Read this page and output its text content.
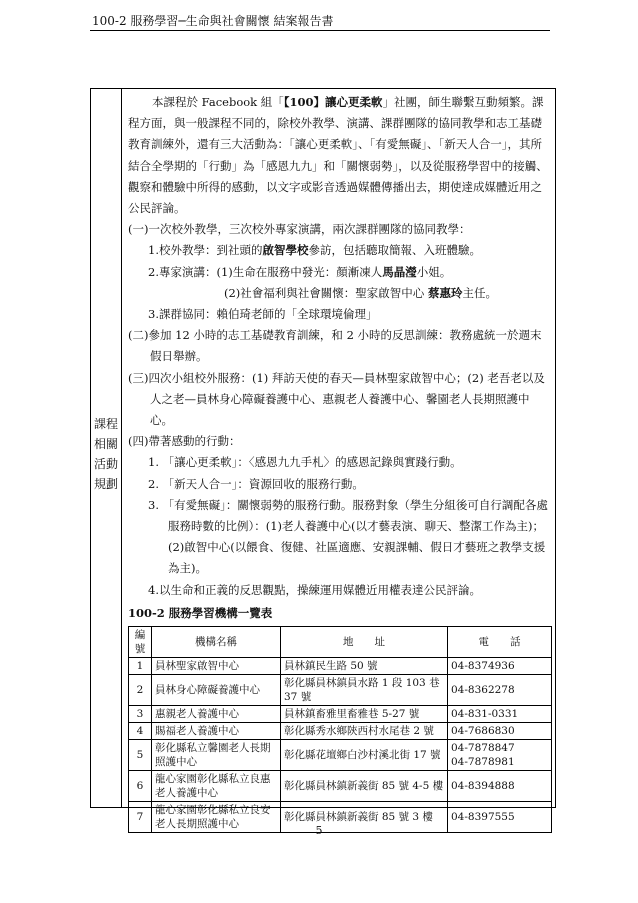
100-2 服務學習─生命與社會關懷 結案報告書
課程
相關
活動
規劃

本課程於 Facebook 組「【100】讓心更柔軟」社團，師生聯繫互動頻繁。課程方面，與一般課程不同的，除校外教學、演講、課群團隊的協同教學和志工基礎教育訓練外，還有三大活動為：「讓心更柔軟」、「有愛無礙」、「新天人合一」，其所結合全學期的「行動」為「感恩九九」和「關懷弱勢」，以及從服務學習中的接觸、觀察和體驗中所得的感動，以文字或影音透過媒體傳播出去，期使達成媒體近用之公民評論。

(一)一次校外教學，三次校外專家演講，兩次課群團隊的協同教學：

1.校外教學：到社頭的啟智學校參訪，包括聽取簡報、入班體驗。

2.專家演講：(1)生命在服務中發光：顏漸凍人馬晶瀅小姐。

(2)社會福利與社會關懷：聖家啟智中心 蔡惠玲主任。

3.課群協同：賴伯琦老師的「全球環境倫理」

(二)參加 12 小時的志工基礎教育訓練，和 2 小時的反思訓練：教務處統一於週末假日舉辦。

(三)四次小組校外服務：(1) 拜訪天使的春天—員林聖家啟智中心；(2) 老吾老以及人之老—員林身心障礙養護中心、惠親老人養護中心、馨園老人長期照護中心。

(四)帶著感動的行動：

1. 「讓心更柔軟」：〈感恩九九手札〉的感恩記錄與實踐行動。

2. 「新天人合一」：資源回收的服務行動。

3. 「有愛無礙」：關懷弱勢的服務行動。服務對象（學生分組後可自行調配各處服務時數的比例）：(1)老人養護中心(以才藝表演、聊天、整潔工作為主)；(2)啟智中心(以餵食、復健、社區適應、安親課輔、假日才藝班之教學支援為主)。

4.以生命和正義的反思觀點，操練運用媒體近用權表達公民評論。

100-2 服務學習機構一覽表
編號	機構名稱	地　　址	電　　話
1	員林聖家啟智中心	員林鎮民生路 50 號	04-8374936
2	員林身心障礙養護中心	彰化縣員林鎮員水路 1 段 103 巷 37 號	04-8362278
3	惠親老人養護中心	員林鎮畜雅里畜雅巷 5-27 號	04-831-0331
4	賜福老人養護中心	彰化縣秀水鄉陝西村水尾巷 2 號	04-7686830
5	彰化縣私立馨園老人長期照護中心	彰化縣花壇鄉白沙村溪北街 17 號	04-7878847
04-7878981
6	龍心家園彰化縣私立良惠老人養護中心	彰化縣員林鎮新義街 85 號 4-5 樓	04-8394888
7	龍心家園彰化縣私立良安老人長期照護中心	彰化縣員林鎮新義街 85 號 3 樓	04-8397555
5
